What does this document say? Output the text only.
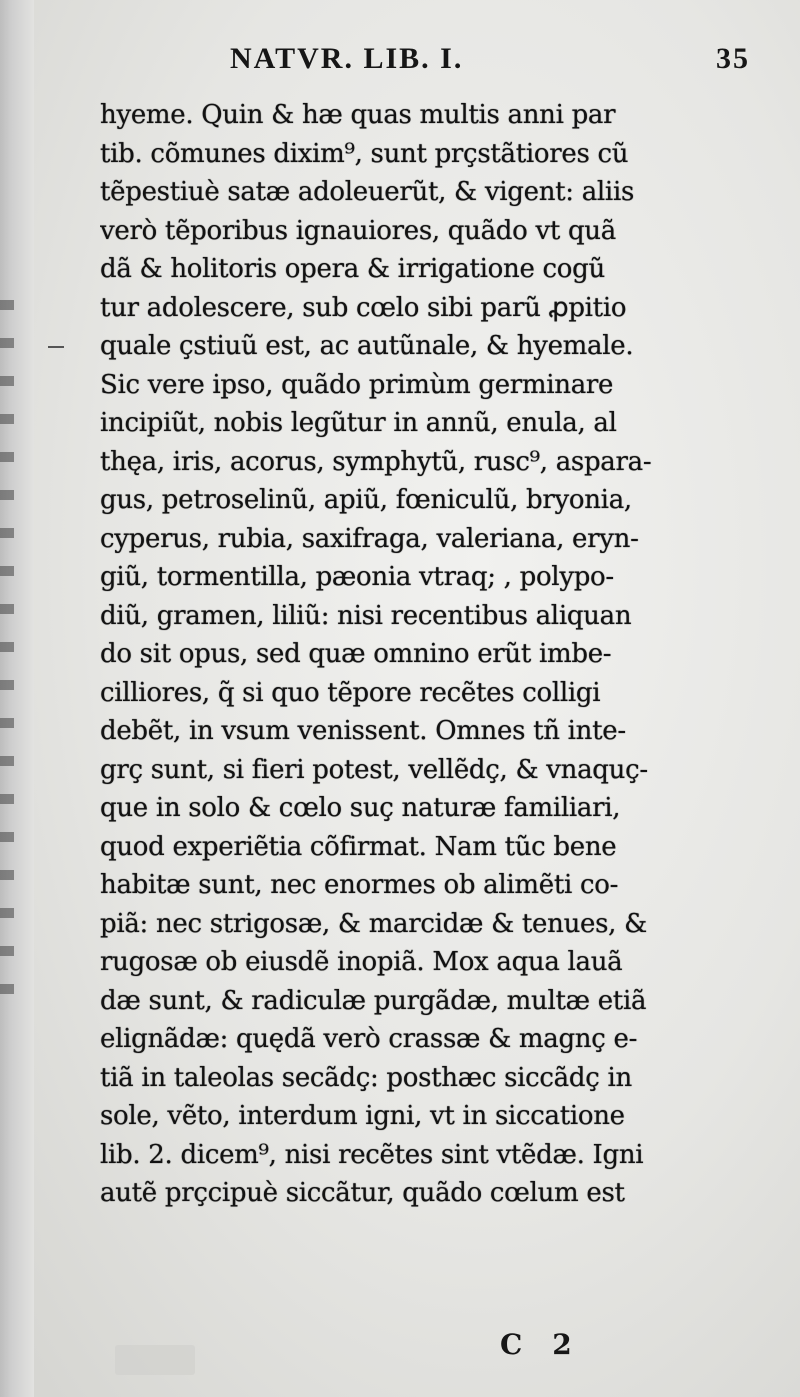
NATVR. LIB. I.	35
hyeme. Quin & hæ quas multis anni par
tib. cõmunes dixim⁹, sunt prçstãtiores cũ
tẽpestiuè satæ adoleuerũt, & vigent: aliis
verò tẽporibus ignauiores, quãdo vt quã
dã & holitoris opera & irrigatione cogũ
tur adolescere, sub cœlo sibi parũ ꝓpitio
quale çstiuũ est, ac autũnale, & hyemale.
Sic vere ipso, quãdo primùm germinare
incipiũt, nobis legũtur in annũ, enula, al
thęa, iris, acorus, symphytũ, rusc⁹, aspara-
gus, petroselinũ, apiũ, fœniculũ, bryonia,
cyperus, rubia, saxifraga, valeriana, eryn-
giũ, tormentilla, pæonia vtraq; , polypo-
diũ, gramen, liliũ: nisi recentibus aliquan
do sit opus, sed quæ omnino erũt imbe-
cilliores, q̃ si quo tẽpore recẽtes colligi
debẽt, in vsum venissent. Omnes tñ inte-
grç sunt, si fieri potest, vellẽdç, & vnaquç-
que in solo & cœlo suç naturæ familiari,
quod experiẽtia cõfirmat. Nam tũc bene
habitæ sunt, nec enormes ob alimẽti co-
piã: nec strigosæ, & marcidæ & tenues, &
rugosæ ob eiusdẽ inopiã. Mox aqua lauã
dæ sunt, & radiculæ purgãdæ, multæ etiã
elignãdæ: quędã verò crassæ & magnç e-
tiã in taleolas secãdç: posthæc siccãdç in
sole, vẽto, interdum igni, vt in siccatione
lib. 2. dicem⁹, nisi recẽtes sint vtẽdæ. Igni
autẽ prçcipuè siccãtur, quãdo cœlum est
C 2
